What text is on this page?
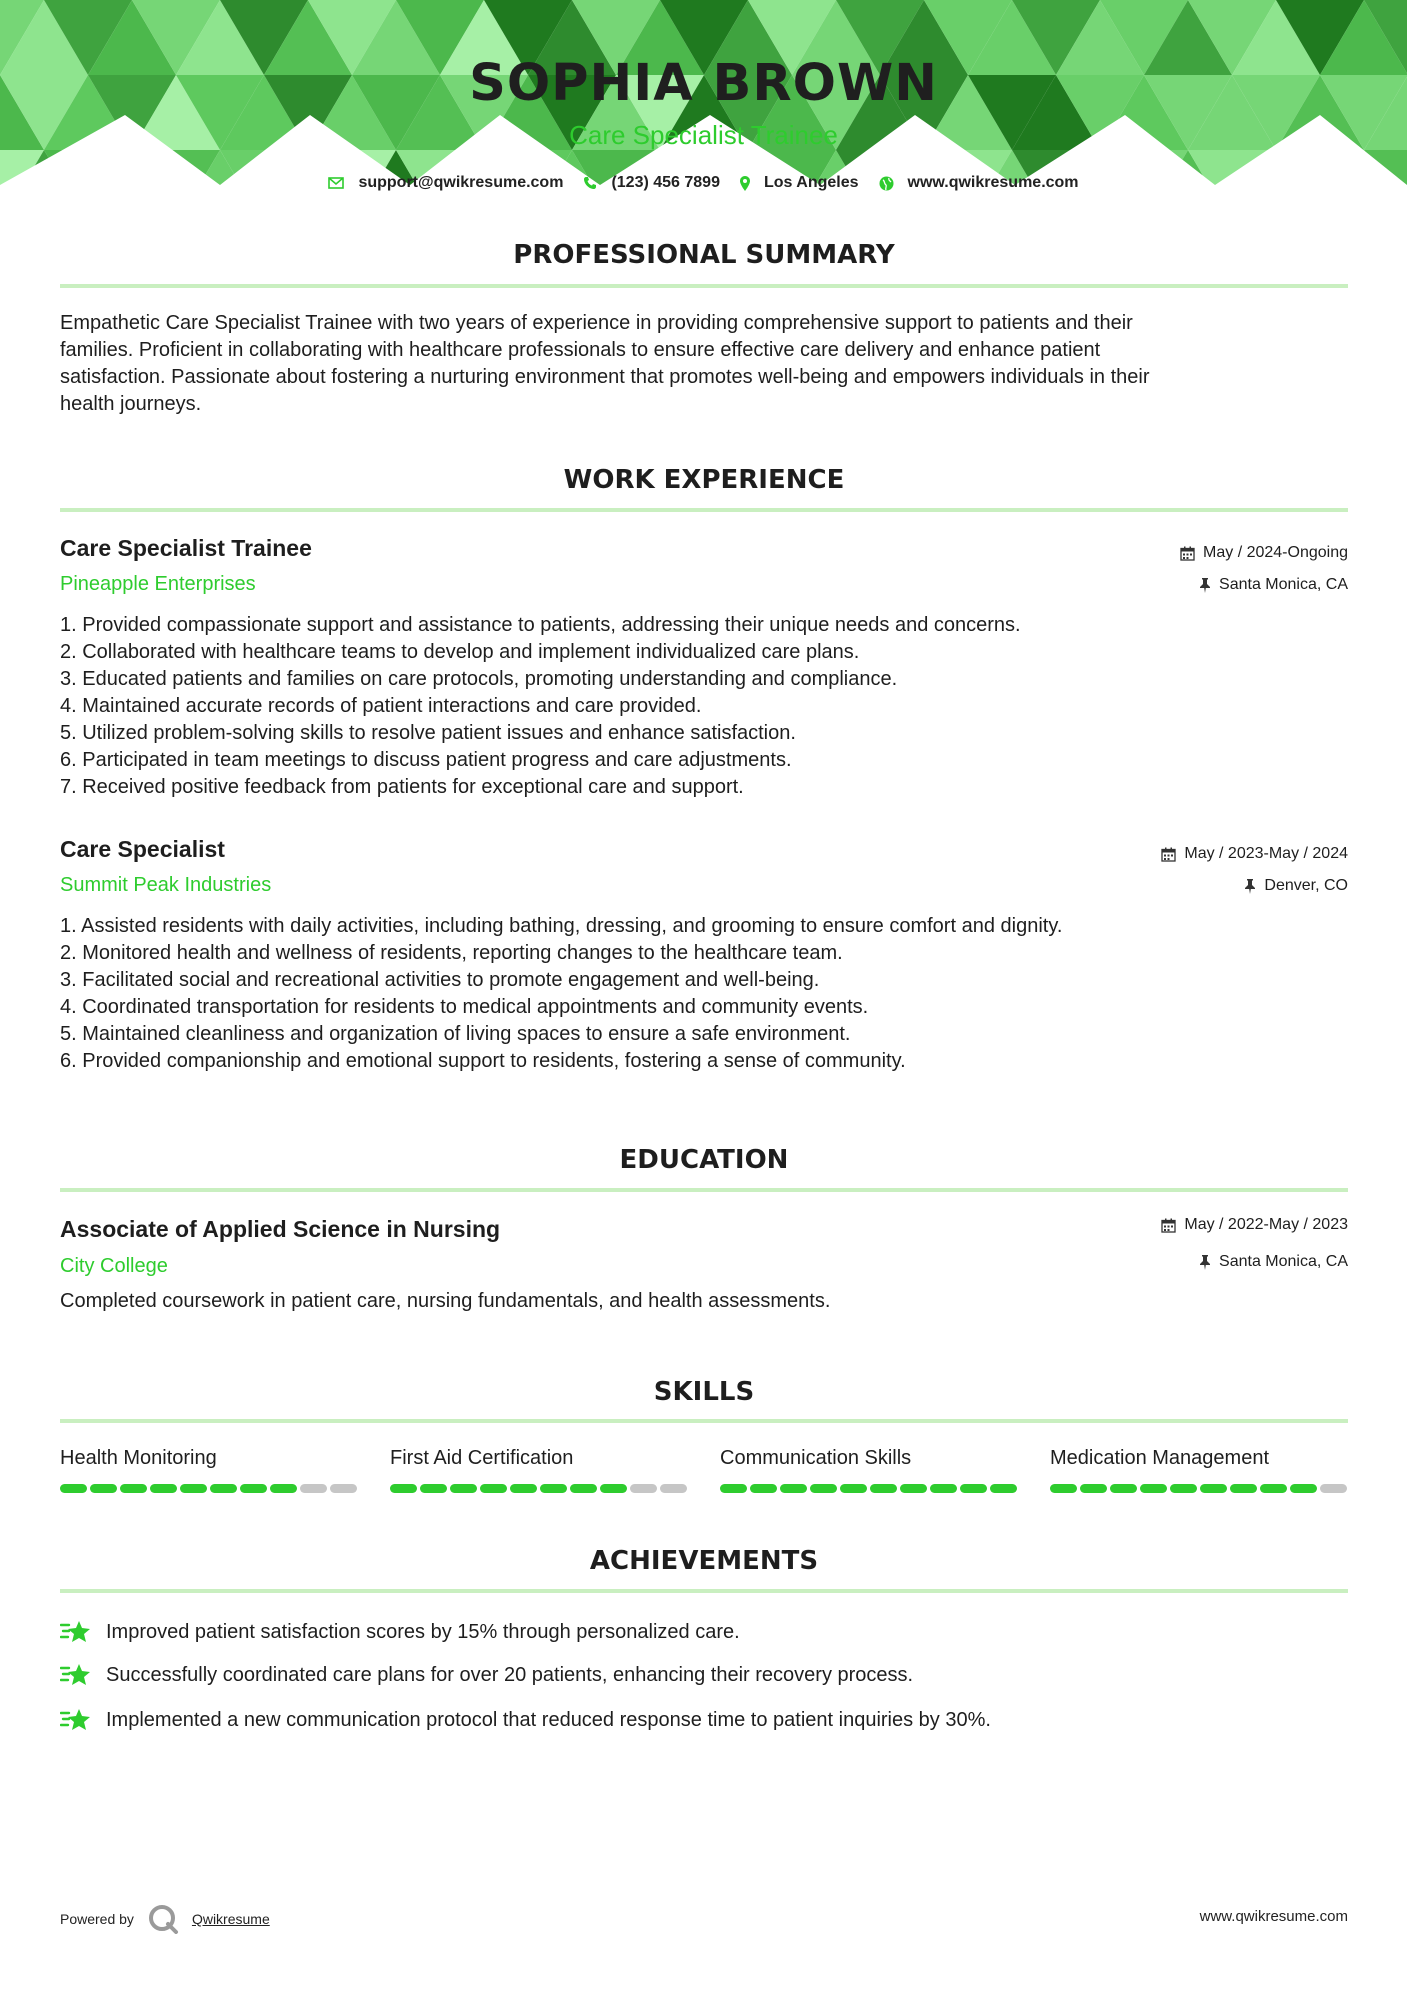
SOPHIA BROWN
Care Specialist Trainee
support@qwikresume.com	(123) 456 7899	Los Angeles	www.qwikresume.com
PROFESSIONAL SUMMARY
Empathetic Care Specialist Trainee with two years of experience in providing comprehensive support to patients and their
families. Proficient in collaborating with healthcare professionals to ensure effective care delivery and enhance patient
satisfaction. Passionate about fostering a nurturing environment that promotes well-being and empowers individuals in their
health journeys.
WORK EXPERIENCE
Care Specialist Trainee
Pineapple Enterprises
May / 2024-Ongoing
Santa Monica, CA
1. Provided compassionate support and assistance to patients, addressing their unique needs and concerns.
2. Collaborated with healthcare teams to develop and implement individualized care plans.
3. Educated patients and families on care protocols, promoting understanding and compliance.
4. Maintained accurate records of patient interactions and care provided.
5. Utilized problem-solving skills to resolve patient issues and enhance satisfaction.
6. Participated in team meetings to discuss patient progress and care adjustments.
7. Received positive feedback from patients for exceptional care and support.
Care Specialist
Summit Peak Industries
May / 2023-May / 2024
Denver, CO
1. Assisted residents with daily activities, including bathing, dressing, and grooming to ensure comfort and dignity.
2. Monitored health and wellness of residents, reporting changes to the healthcare team.
3. Facilitated social and recreational activities to promote engagement and well-being.
4. Coordinated transportation for residents to medical appointments and community events.
5. Maintained cleanliness and organization of living spaces to ensure a safe environment.
6. Provided companionship and emotional support to residents, fostering a sense of community.
EDUCATION
Associate of Applied Science in Nursing
City College
May / 2022-May / 2023
Santa Monica, CA
Completed coursework in patient care, nursing fundamentals, and health assessments.
SKILLS
Health Monitoring	First Aid Certification	Communication Skills	Medication Management
ACHIEVEMENTS
Improved patient satisfaction scores by 15% through personalized care.
Successfully coordinated care plans for over 20 patients, enhancing their recovery process.
Implemented a new communication protocol that reduced response time to patient inquiries by 30%.
Powered by	Qwikresume	www.qwikresume.com
